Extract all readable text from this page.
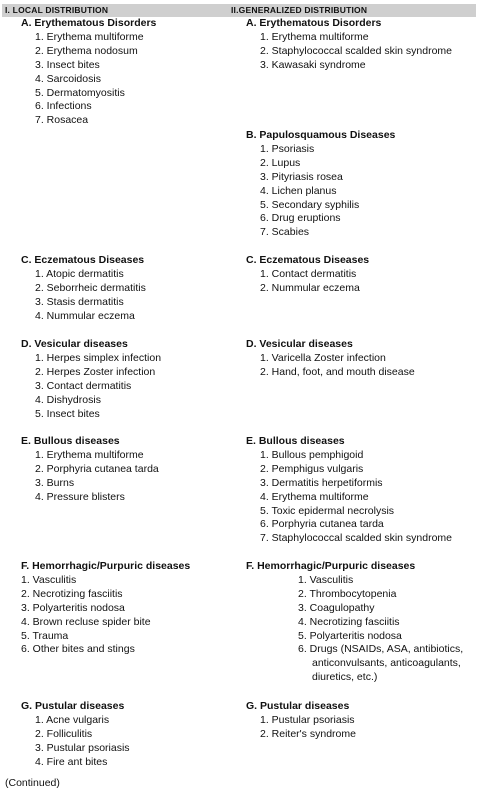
I. LOCAL DISTRIBUTION	II.GENERALIZED DISTRIBUTION
A. Erythematous Disorders
1. Erythema multiforme
2. Erythema nodosum
3. Insect bites
4. Sarcoidosis
5. Dermatomyositis
6. Infections
7. Rosacea
C. Eczematous Diseases
1. Atopic dermatitis
2. Seborrheic dermatitis
3. Stasis dermatitis
4. Nummular eczema
D. Vesicular diseases
1. Herpes simplex infection
2. Herpes Zoster infection
3. Contact dermatitis
4. Dishydrosis
5. Insect bites
E. Bullous diseases
1. Erythema multiforme
2. Porphyria cutanea tarda
3. Burns
4. Pressure blisters
F. Hemorrhagic/Purpuric diseases
1. Vasculitis
2. Necrotizing fasciitis
3. Polyarteritis nodosa
4. Brown recluse spider bite
5. Trauma
6. Other bites and stings
G. Pustular diseases
1. Acne vulgaris
2. Folliculitis
3. Pustular psoriasis
4. Fire ant bites
A. Erythematous Disorders
1. Erythema multiforme
2. Staphylococcal scalded skin syndrome
3. Kawasaki syndrome
B. Papulosquamous Diseases
1. Psoriasis
2. Lupus
3. Pityriasis rosea
4. Lichen planus
5. Secondary syphilis
6. Drug eruptions
7. Scabies
C. Eczematous Diseases
1. Contact dermatitis
2. Nummular eczema
D. Vesicular diseases
1. Varicella Zoster infection
2. Hand, foot, and mouth disease
E. Bullous diseases
1. Bullous pemphigoid
2. Pemphigus vulgaris
3. Dermatitis herpetiformis
4. Erythema multiforme
5. Toxic epidermal necrolysis
6. Porphyria cutanea tarda
7. Staphylococcal scalded skin syndrome
F. Hemorrhagic/Purpuric diseases
1. Vasculitis
2. Thrombocytopenia
3. Coagulopathy
4. Necrotizing fasciitis
5. Polyarteritis nodosa
6. Drugs (NSAIDs, ASA, antibiotics, anticonvulsants, anticoagulants, diuretics, etc.)
G. Pustular diseases
1. Pustular psoriasis
2. Reiter's syndrome
(Continued)
